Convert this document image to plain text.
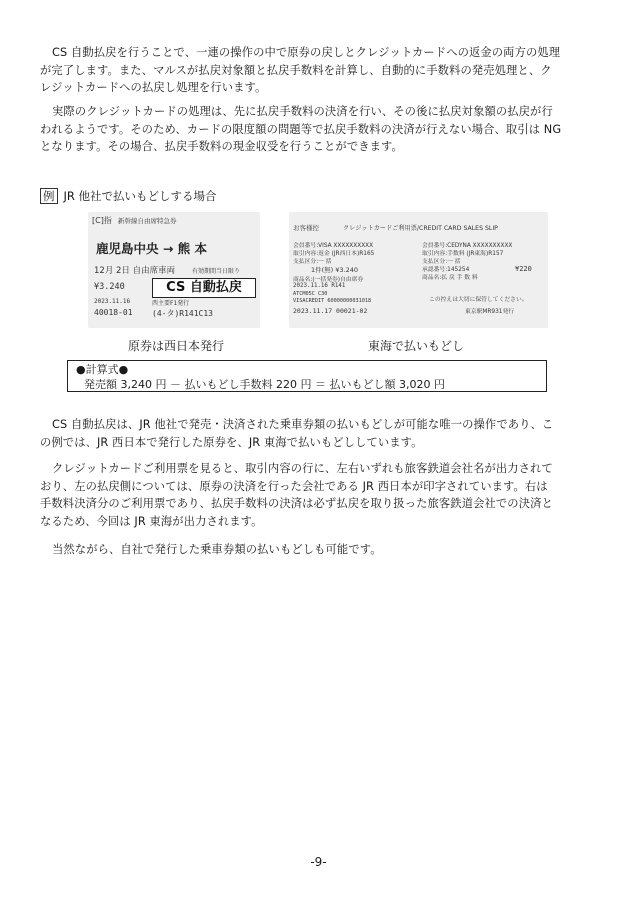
CS 自動払戻を行うことで、一連の操作の中で原券の戻しとクレジットカードへの返金の両方の処理
が完了します。また、マルスが払戻対象額と払戻手数料を計算し、自動的に手数料の発売処理と、ク
レジットカードへの払戻し処理を行います。
実際のクレジットカードの処理は、先に払戻手数料の決済を行い、その後に払戻対象額の払戻が行
われるようです。そのため、カードの限度額の問題等で払戻手数料の決済が行えない場合、取引は NG
となります。その場合、払戻手数料の現金収受を行うことができます。
例 JR 他社で払いもどしする場合
[C]指 新幹線自由席特急券
鹿児島中央 → 熊 本
12月 2日 自由席車両	有効期間当日限り
¥3.240
2023.11.16	西主要F1発行
40018-01 (4-タ)R141C13
CS 自動払戻
お客様控	クレジットカードご利用票/CREDIT CARD SALES SLIP
会員番号:VISA XXXXXXXXXX
取引内容:返金 (JR西日本)R165
支払区分:一 括
1件(無) ¥3.240
商品名:(一括発券)自由席券
2023.11.16 R141
ATCM05C C30
VISACREDIT 60000000031018
2023.11.17 00021-02
会員番号:CEDYNA XXXXXXXXXX
取引内容:手数料 (JR東海)R157
支払区分:一 括
承認番号:145254
商品名:払 戻 手 数 料
¥220
この控えは大切に保管してください。
東京駅MR931発行
原券は西日本発行	東海で払いもどし
●計算式●
発売額 3,240 円 － 払いもどし手数料 220 円 ＝ 払いもどし額 3,020 円
CS 自動払戻は、JR 他社で発売・決済された乗車券類の払いもどしが可能な唯一の操作であり、こ
の例では、JR 西日本で発行した原券を、JR 東海で払いもどししています。
クレジットカードご利用票を見ると、取引内容の行に、左右いずれも旅客鉄道会社名が出力されて
おり、左の払戻側については、原券の決済を行った会社である JR 西日本が印字されています。右は
手数料決済分のご利用票であり、払戻手数料の決済は必ず払戻を取り扱った旅客鉄道会社での決済と
なるため、今回は JR 東海が出力されます。
当然ながら、自社で発行した乗車券類の払いもどしも可能です。
-9-
